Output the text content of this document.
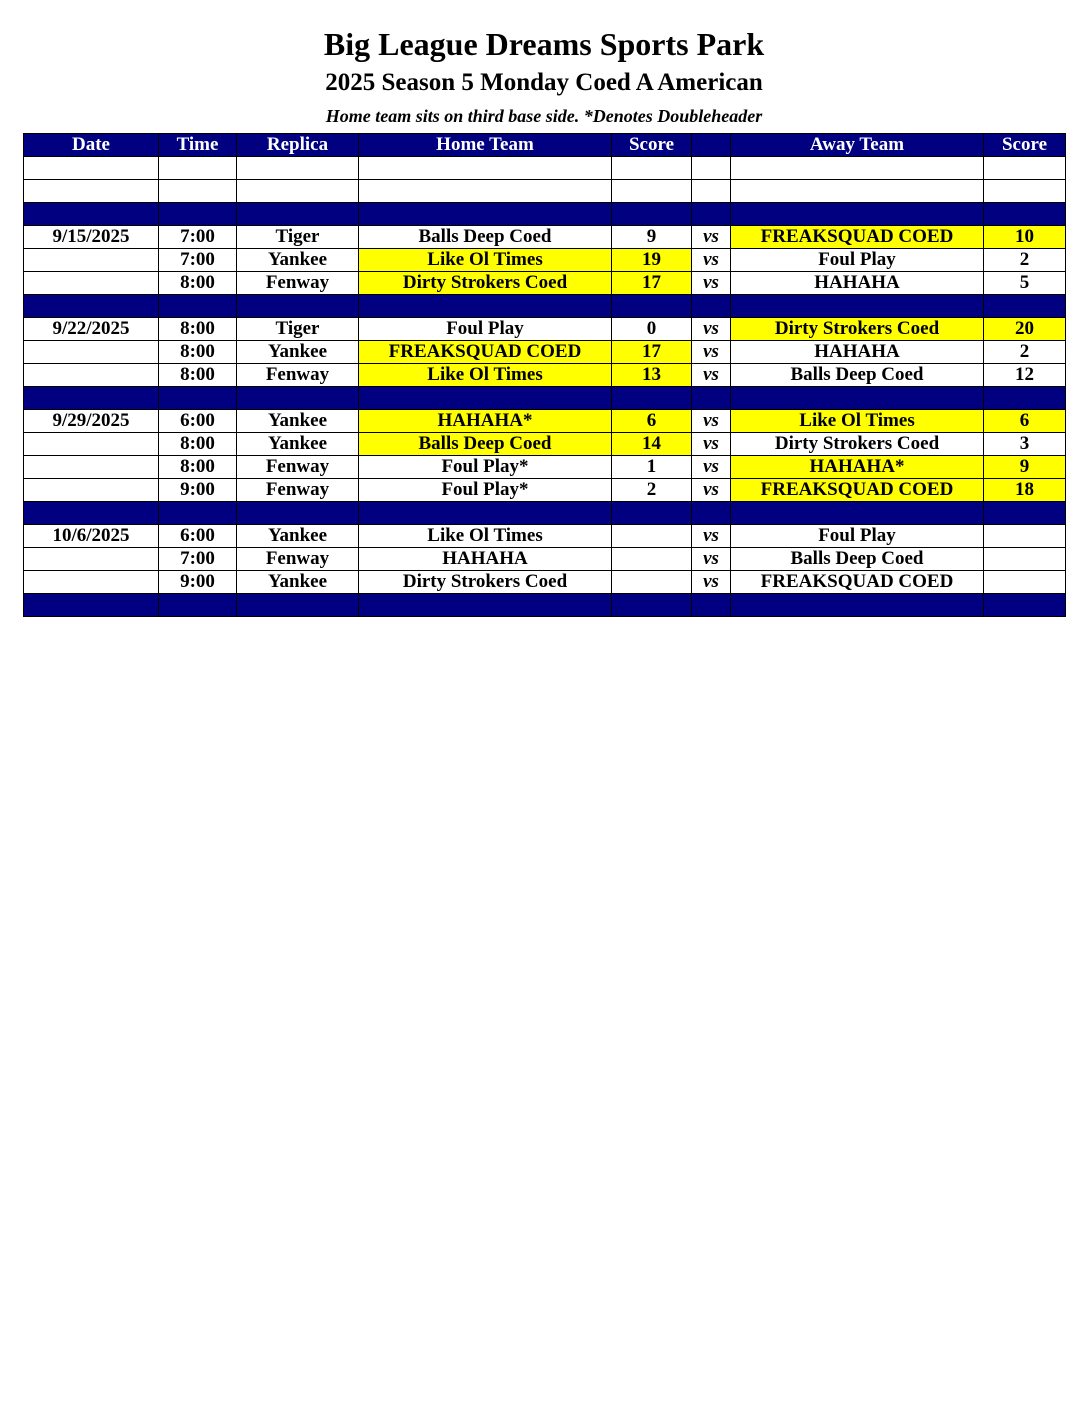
Big League Dreams Sports Park
2025 Season 5 Monday Coed A American
Home team sits on third base side. *Denotes Doubleheader
Date	Time	Replica	Home Team	Score		Away Team	Score

9/15/2025	7:00	Tiger	Balls Deep Coed	9	vs	FREAKSQUAD COED	10
	7:00	Yankee	Like Ol Times	19	vs	Foul Play	2
	8:00	Fenway	Dirty Strokers Coed	17	vs	HAHAHA	5

9/22/2025	8:00	Tiger	Foul Play	0	vs	Dirty Strokers Coed	20
	8:00	Yankee	FREAKSQUAD COED	17	vs	HAHAHA	2
	8:00	Fenway	Like Ol Times	13	vs	Balls Deep Coed	12

9/29/2025	6:00	Yankee	HAHAHA*	6	vs	Like Ol Times	6
	8:00	Yankee	Balls Deep Coed	14	vs	Dirty Strokers Coed	3
	8:00	Fenway	Foul Play*	1	vs	HAHAHA*	9
	9:00	Fenway	Foul Play*	2	vs	FREAKSQUAD COED	18

10/6/2025	6:00	Yankee	Like Ol Times		vs	Foul Play	
	7:00	Fenway	HAHAHA		vs	Balls Deep Coed	
	9:00	Yankee	Dirty Strokers Coed		vs	FREAKSQUAD COED	
